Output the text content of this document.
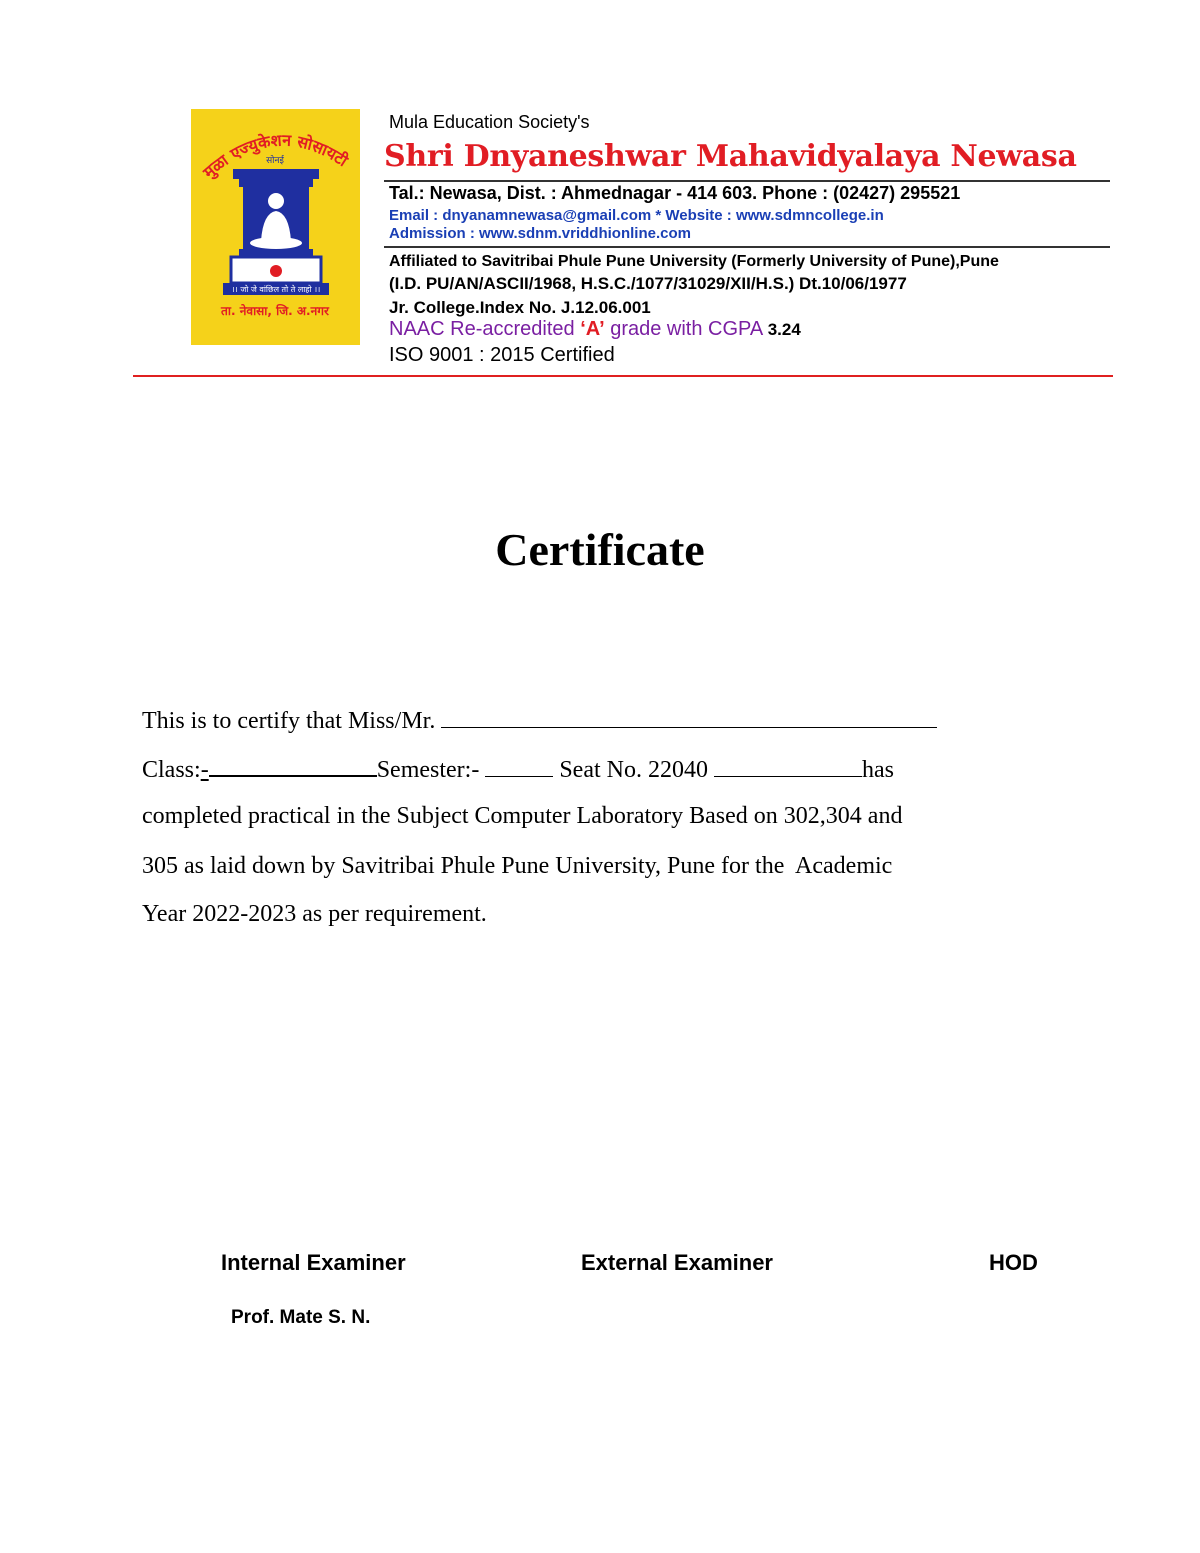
मुळा एज्युकेशन सोसायटी
सोनई
।। जो जे वांछिल तो ते लाहो ।।
ता. नेवासा, जि. अ.नगर
Mula Education Society's
Shri Dnyaneshwar Mahavidyalaya Newasa
Tal.: Newasa, Dist. : Ahmednagar - 414 603. Phone : (02427) 295521
Email : dnyanamnewasa@gmail.com * Website : www.sdmncollege.in
Admission : www.sdnm.vriddhionline.com
Affiliated to Savitribai Phule Pune University (Formerly University of Pune),Pune
(I.D. PU/AN/ASCII/1968, H.S.C./1077/31029/XII/H.S.) Dt.10/06/1977
Jr. College.Index No. J.12.06.001
NAAC Re-accredited ‘A’ grade with CGPA 3.24
ISO 9001 : 2015 Certified
Certificate
This is to certify that Miss/Mr.
Class:-	Semester:-	Seat No. 22040	has
completed practical in the Subject Computer Laboratory Based on 302,304 and
305 as laid down by Savitribai Phule Pune University, Pune for the  Academic
Year 2022-2023 as per requirement.
Internal Examiner	External Examiner	HOD
Prof. Mate S. N.
